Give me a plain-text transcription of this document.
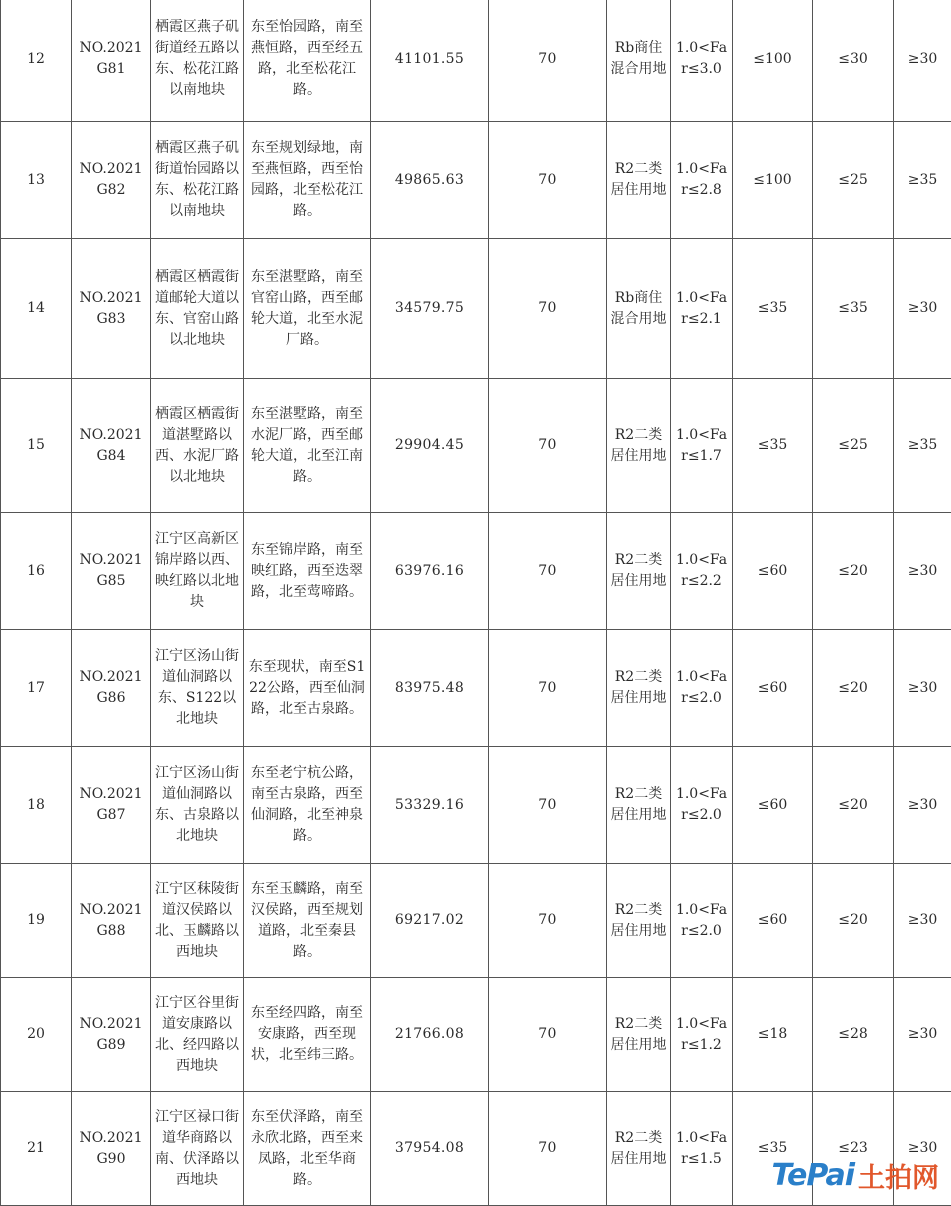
12	NO.2021G81	栖霞区燕子矶街道经五路以东、松花江路以南地块	东至怡园路，南至燕恒路，西至经五路，北至松花江路。	41101.55	70	Rb商住混合用地	1.0<Far≤3.0	≤100	≤30	≥30
13	NO.2021G82	栖霞区燕子矶街道怡园路以东、松花江路以南地块	东至规划绿地，南至燕恒路，西至怡园路，北至松花江路。	49865.63	70	R2二类居住用地	1.0<Far≤2.8	≤100	≤25	≥35
14	NO.2021G83	栖霞区栖霞街道邮轮大道以东、官窑山路以北地块	东至湛墅路，南至官窑山路，西至邮轮大道，北至水泥厂路。	34579.75	70	Rb商住混合用地	1.0<Far≤2.1	≤35	≤35	≥30
15	NO.2021G84	栖霞区栖霞街道湛墅路以西、水泥厂路以北地块	东至湛墅路，南至水泥厂路，西至邮轮大道，北至江南路。	29904.45	70	R2二类居住用地	1.0<Far≤1.7	≤35	≤25	≥35
16	NO.2021G85	江宁区高新区锦岸路以西、映红路以北地块	东至锦岸路，南至映红路，西至迭翠路，北至莺啼路。	63976.16	70	R2二类居住用地	1.0<Far≤2.2	≤60	≤20	≥30
17	NO.2021G86	江宁区汤山街道仙洞路以东、S122以北地块	东至现状，南至S122公路，西至仙洞路，北至古泉路。	83975.48	70	R2二类居住用地	1.0<Far≤2.0	≤60	≤20	≥30
18	NO.2021G87	江宁区汤山街道仙洞路以东、古泉路以北地块	东至老宁杭公路，南至古泉路，西至仙洞路，北至神泉路。	53329.16	70	R2二类居住用地	1.0<Far≤2.0	≤60	≤20	≥30
19	NO.2021G88	江宁区秣陵街道汉侯路以北、玉麟路以西地块	东至玉麟路，南至汉侯路，西至规划道路，北至秦县路。	69217.02	70	R2二类居住用地	1.0<Far≤2.0	≤60	≤20	≥30
20	NO.2021G89	江宁区谷里街道安康路以北、经四路以西地块	东至经四路，南至安康路，西至现状，北至纬三路。	21766.08	70	R2二类居住用地	1.0<Far≤1.2	≤18	≤28	≥30
21	NO.2021G90	江宁区禄口街道华商路以南、伏泽路以西地块	东至伏泽路，南至永欣北路，西至来凤路，北至华商路。	37954.08	70	R2二类居住用地	1.0<Far≤1.5	≤35	≤23	≥30
TePai 土拍网
